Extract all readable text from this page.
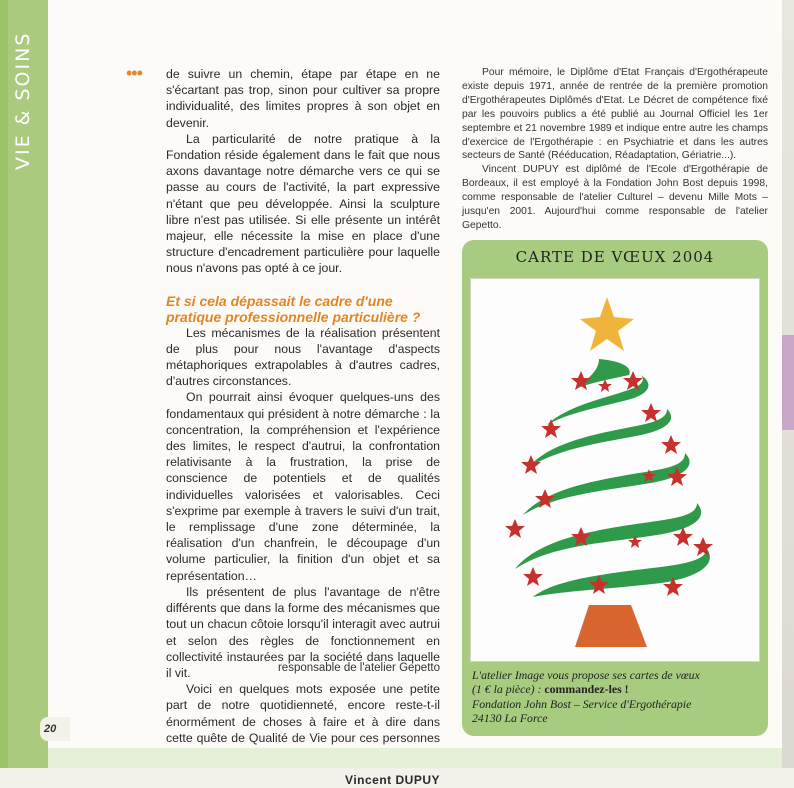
VIE & SOINS	••• de suivre un chemin, étape par étape en ne s'écartant pas trop, sinon pour cultiver sa propre individualité, des limites propres à son objet en devenir.

La particularité de notre pratique à la Fondation réside également dans le fait que nous axons davantage notre démarche vers ce qui se passe au cours de l'activité, la part expressive n'étant que peu développée. Ainsi la sculpture libre n'est pas utilisée. Si elle présente un intérêt majeur, elle nécessite la mise en place d'une structure d'encadrement particulière pour laquelle nous n'avons pas opté à ce jour.

Et si cela dépassait le cadre d'une pratique professionnelle particulière ?

Les mécanismes de la réalisation présentent de plus pour nous l'avantage d'aspects métaphoriques extrapolables à d'autres cadres, d'autres circonstances.

On pourrait ainsi évoquer quelques-uns des fondamentaux qui président à notre démarche : la concentration, la compréhension et l'expérience des limites, le respect d'autrui, la confrontation relativisante à la frustration, la prise de conscience de potentiels et de qualités individuelles valorisées et valorisables. Ceci s'exprime par exemple à travers le suivi d'un trait, le remplissage d'une zone déterminée, la réalisation d'un chanfrein, le découpage d'un volume particulier, la finition d'un objet et sa représentation…

Ils présentent de plus l'avantage de n'être différents que dans la forme des mécanismes que tout un chacun côtoie lorsqu'il interagit avec autrui et selon des règles de fonctionnement en collectivité instaurées par la société dans laquelle il vit.

Voici en quelques mots exposée une petite part de notre quotidienneté, encore reste-t-il énormément de choses à faire et à dire dans cette quête de Qualité de Vie pour ces personnes

Vincent DUPUY
responsable de l'atelier Gepetto

Pour mémoire, le Diplôme d'Etat Français d'Ergothérapeute existe depuis 1971, année de rentrée de la première promotion d'Ergothérapeutes Diplômés d'Etat. Le Décret de compétence fixé par les pouvoirs publics a été publié au Journal Officiel les 1er septembre et 21 novembre 1989 et indique entre autre les champs d'exercice de l'Ergothérapie : en Psychiatrie et dans les autres secteurs de Santé (Rééducation, Réadaptation, Gériatrie...).

Vincent DUPUY est diplômé de l'Ecole d'Ergothérapie de Bordeaux, il est employé à la Fondation John Bost depuis 1998, comme responsable de l'atelier Culturel – devenu Mille Mots – jusqu'en 2001. Aujourd'hui comme responsable de l'atelier Gepetto.

CARTE DE VŒUX 2004
L'atelier Image vous propose ses cartes de vœux
(1 € la pièce) : commandez-les !
Fondation John Bost – Service d'Ergothérapie
24130 La Force
20
